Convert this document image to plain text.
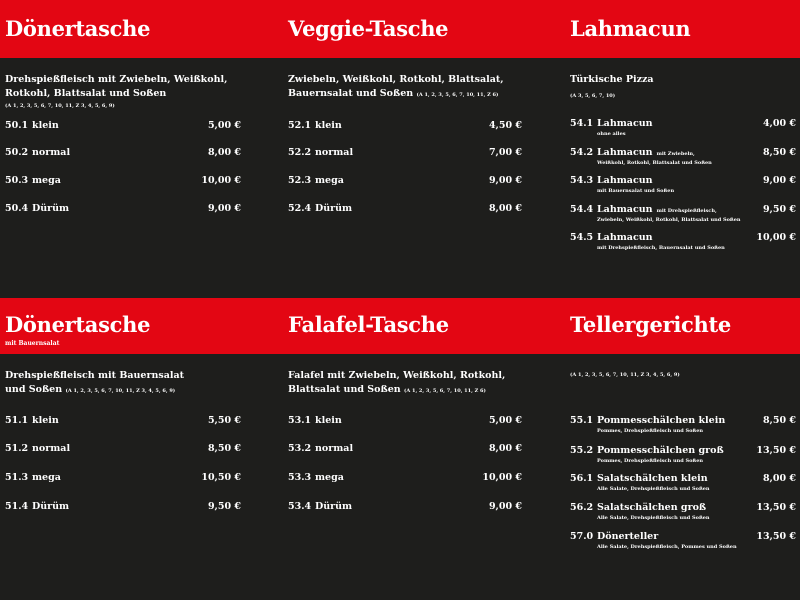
Dönertasche
Drehspießfleisch mit Zwiebeln, Weißkohl, Rotkohl, Blattsalat und Soßen
(A 1, 2, 3, 5, 6, 7, 10, 11, Z 3, 4, 5, 6, 9)
50.1 klein	5,00 €
50.2 normal	8,00 €
50.3 mega	10,00 €
50.4 Dürüm	9,00 €
Veggie-Tasche
Zwiebeln, Weißkohl, Rotkohl, Blattsalat,
Bauernsalat und Soßen (A 1, 2, 3, 5, 6, 7, 10, 11, Z 6)
52.1 klein	4,50 €
52.2 normal	7,00 €
52.3 mega	9,00 €
52.4 Dürüm	8,00 €
Lahmacun
Türkische Pizza
(A 3, 5, 6, 7, 10)
54.1 Lahmacun
ohne alles
4,00 €
54.2 Lahmacun mit Zwiebeln,
Weißkohl, Rotkohl, Blattsalat und Soßen
8,50 €
54.3 Lahmacun
mit Bauernsalat und Soßen
9,00 €
54.4 Lahmacun mit Drehspießfleisch,
Zwiebeln, Weißkohl, Rotkohl, Blattsalat und Soßen
9,50 €
54.5 Lahmacun
mit Drehspießfleisch, Bauernsalat und Soßen
10,00 €
Dönertasche
mit Bauernsalat
Drehspießfleisch mit Bauernsalat
und Soßen (A 1, 2, 3, 5, 6, 7, 10, 11, Z 3, 4, 5, 6, 9)
51.1 klein	5,50 €
51.2 normal	8,50 €
51.3 mega	10,50 €
51.4 Dürüm	9,50 €
Falafel-Tasche
Falafel mit Zwiebeln, Weißkohl, Rotkohl,
Blattsalat und Soßen (A 1, 2, 3, 5, 6, 7, 10, 11, Z 6)
53.1 klein	5,00 €
53.2 normal	8,00 €
53.3 mega	10,00 €
53.4 Dürüm	9,00 €
Tellergerichte
(A 1, 2, 3, 5, 6, 7, 10, 11, Z 3, 4, 5, 6, 9)
55.1 Pommesschälchen klein
Pommes, Drehspießfleisch und Soßen
8,50 €
55.2 Pommesschälchen groß
Pommes, Drehspießfleisch und Soßen
13,50 €
56.1 Salatschälchen klein
Alle Salate, Drehspießfleisch und Soßen
8,00 €
56.2 Salatschälchen groß
Alle Salate, Drehspießfleisch und Soßen
13,50 €
57.0 Dönerteller
Alle Salate, Drehspießfleisch, Pommes und Soßen
13,50 €
